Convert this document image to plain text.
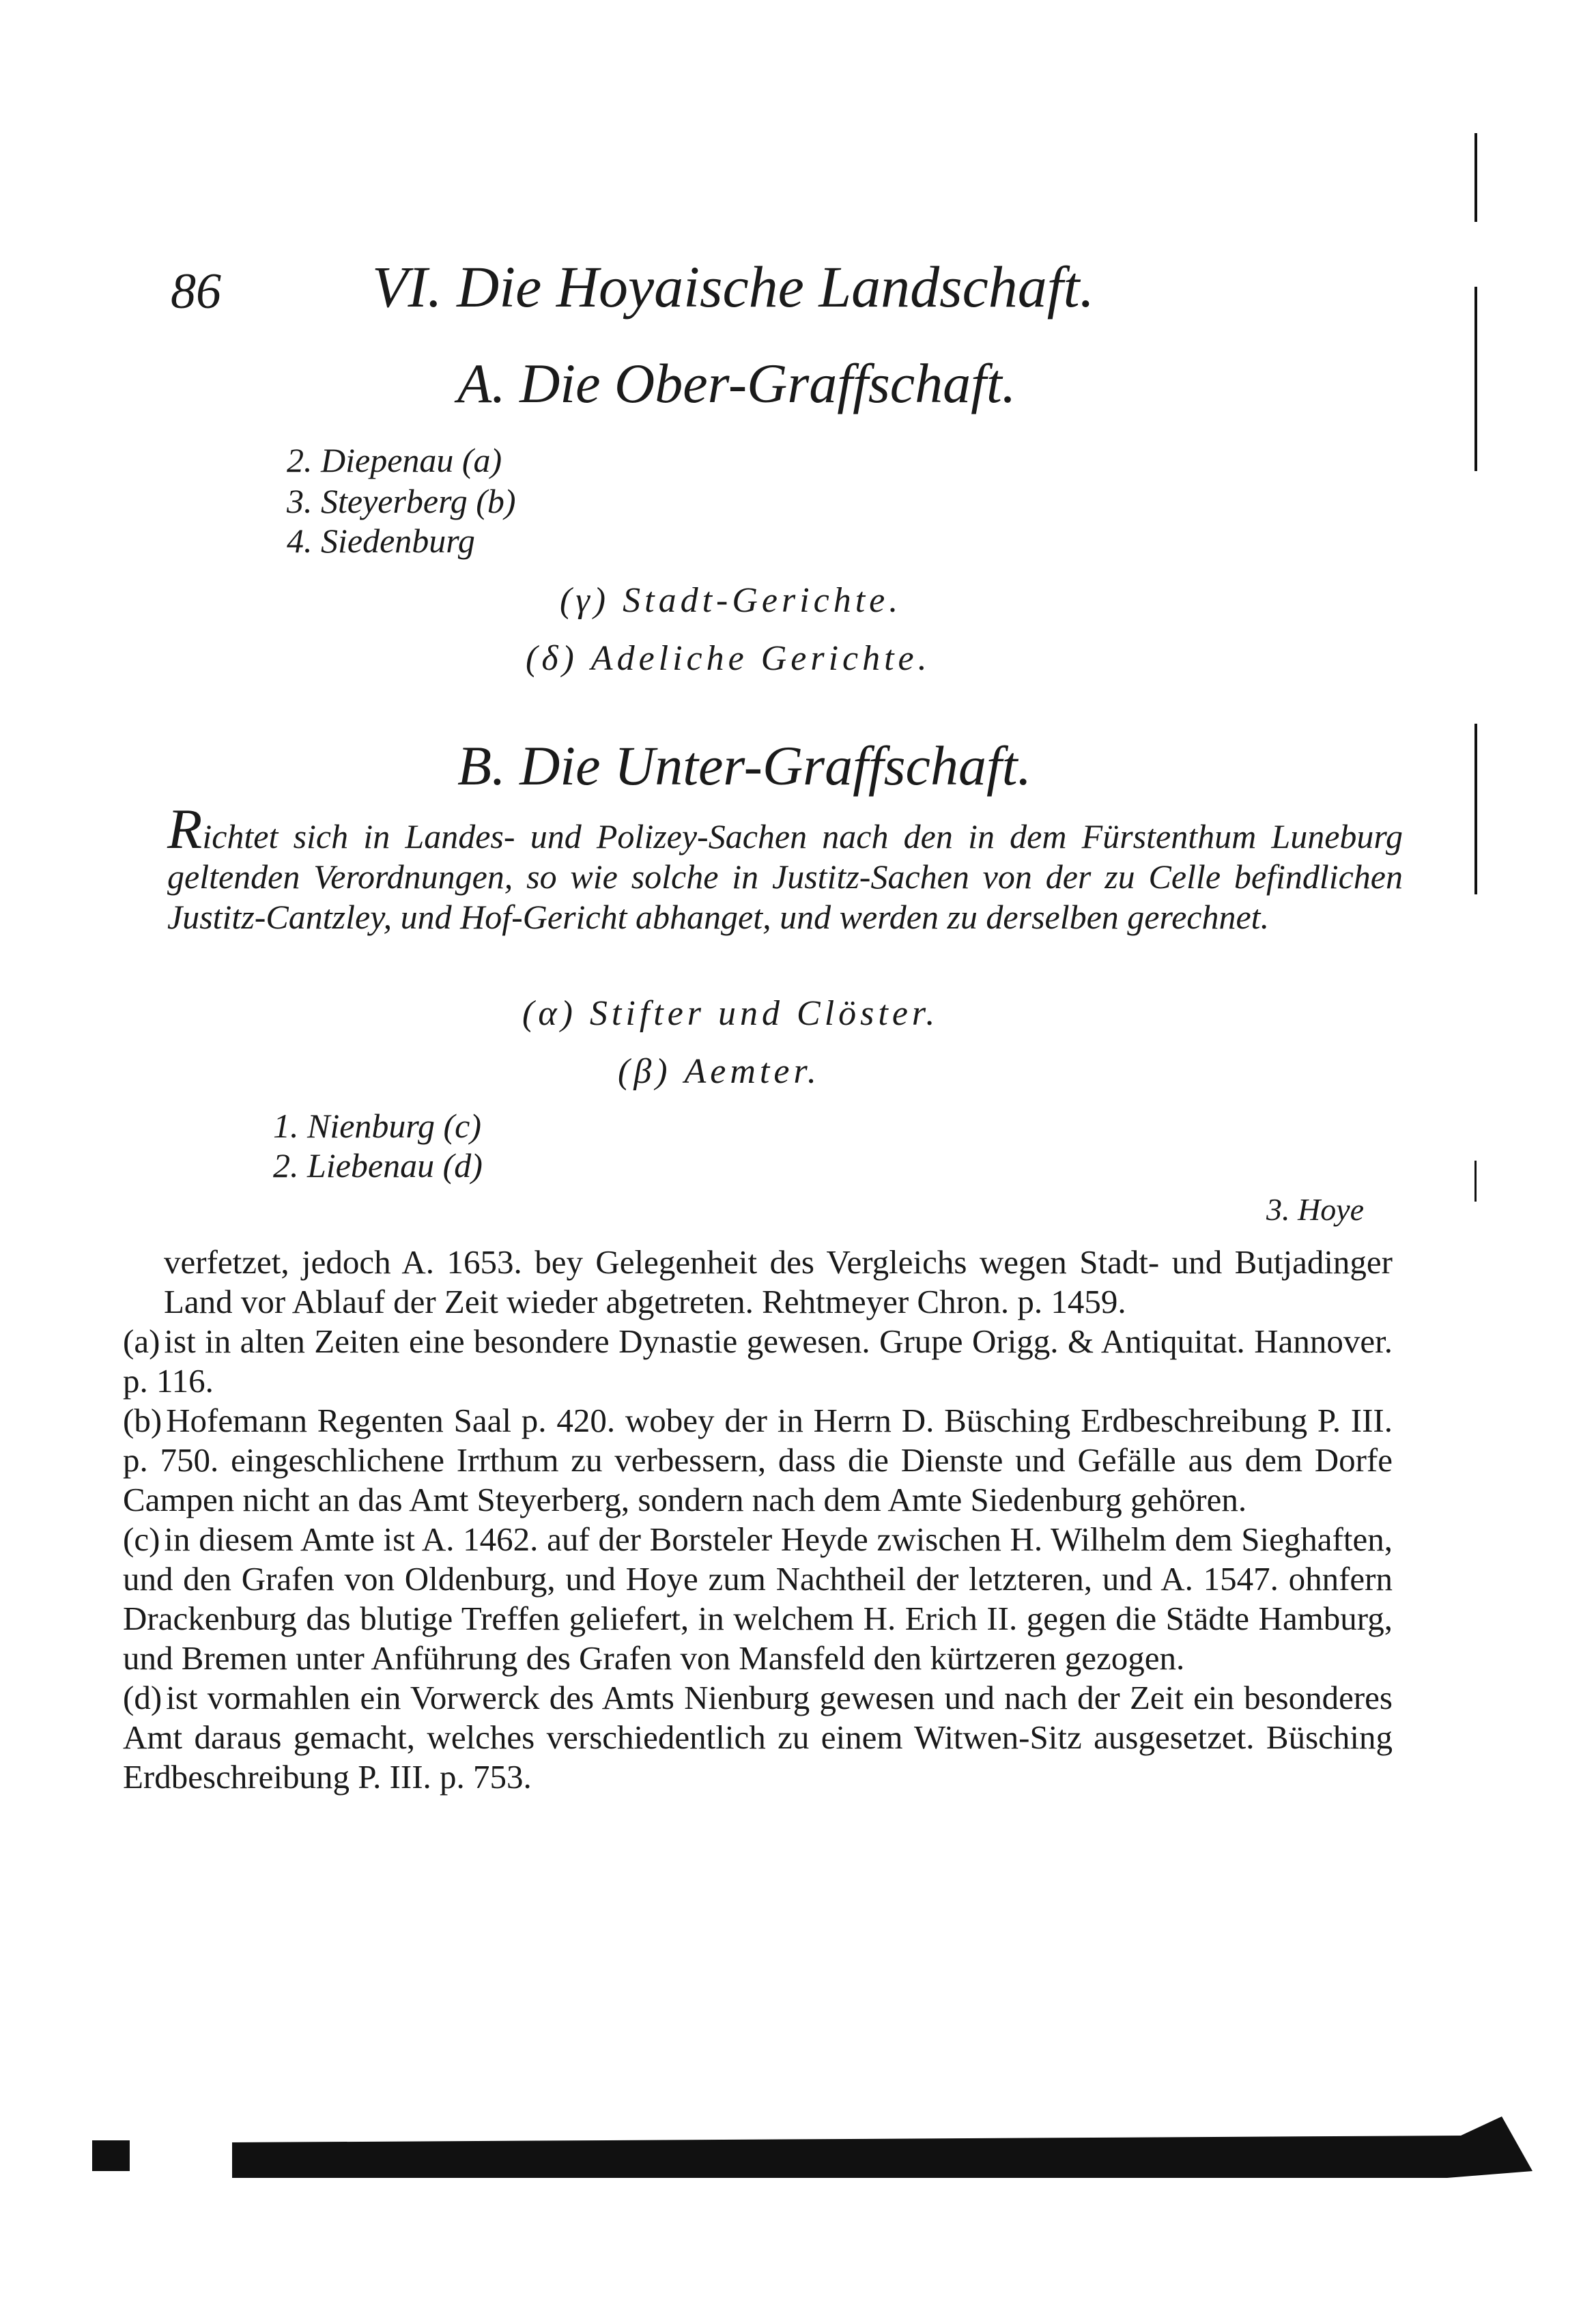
86	VI. Die Hoyaische Landschaft.
A. Die Ober-Graffschaft.
2. Diepenau (a)
3. Steyerberg (b)
4. Siedenburg
(γ) Stadt-Gerichte.
(δ) Adeliche Gerichte.
B. Die Unter-Graffschaft.
Richtet sich in Landes- und Polizey-Sachen nach den in dem Fürstenthum Luneburg geltenden Verordnungen, so wie solche in Justitz-Sachen von der zu Celle befindlichen Justitz-Cantzley, und Hof-Gericht abhanget, und werden zu derselben gerechnet.
(α) Stifter und Clöster.
(β) Aemter.
1. Nienburg (c)
2. Liebenau (d)
3. Hoye
verfetzet, jedoch A. 1653. bey Gelegenheit des Vergleichs wegen Stadt- und Butjadinger Land vor Ablauf der Zeit wieder abgetreten. Rehtmeyer Chron. p. 1459.
(a) ist in alten Zeiten eine besondere Dynastie gewesen. Grupe Origg. & Antiquitat. Hannover. p. 116.
(b) Hofemann Regenten Saal p. 420. wobey der in Herrn D. Büsching Erdbeschreibung P. III. p. 750. eingeschlichene Irrthum zu verbessern, dass die Dienste und Gefälle aus dem Dorfe Campen nicht an das Amt Steyerberg, sondern nach dem Amte Siedenburg gehören.
(c) in diesem Amte ist A. 1462. auf der Borsteler Heyde zwischen H. Wilhelm dem Sieghaften, und den Grafen von Oldenburg, und Hoye zum Nachtheil der letzteren, und A. 1547. ohnfern Drackenburg das blutige Treffen geliefert, in welchem H. Erich II. gegen die Städte Hamburg, und Bremen unter Anführung des Grafen von Mansfeld den kürtzeren gezogen.
(d) ist vormahlen ein Vorwerck des Amts Nienburg gewesen und nach der Zeit ein besonderes Amt daraus gemacht, welches verschiedentlich zu einem Witwen-Sitz ausgesetzet. Büsching Erdbeschreibung P. III. p. 753.
